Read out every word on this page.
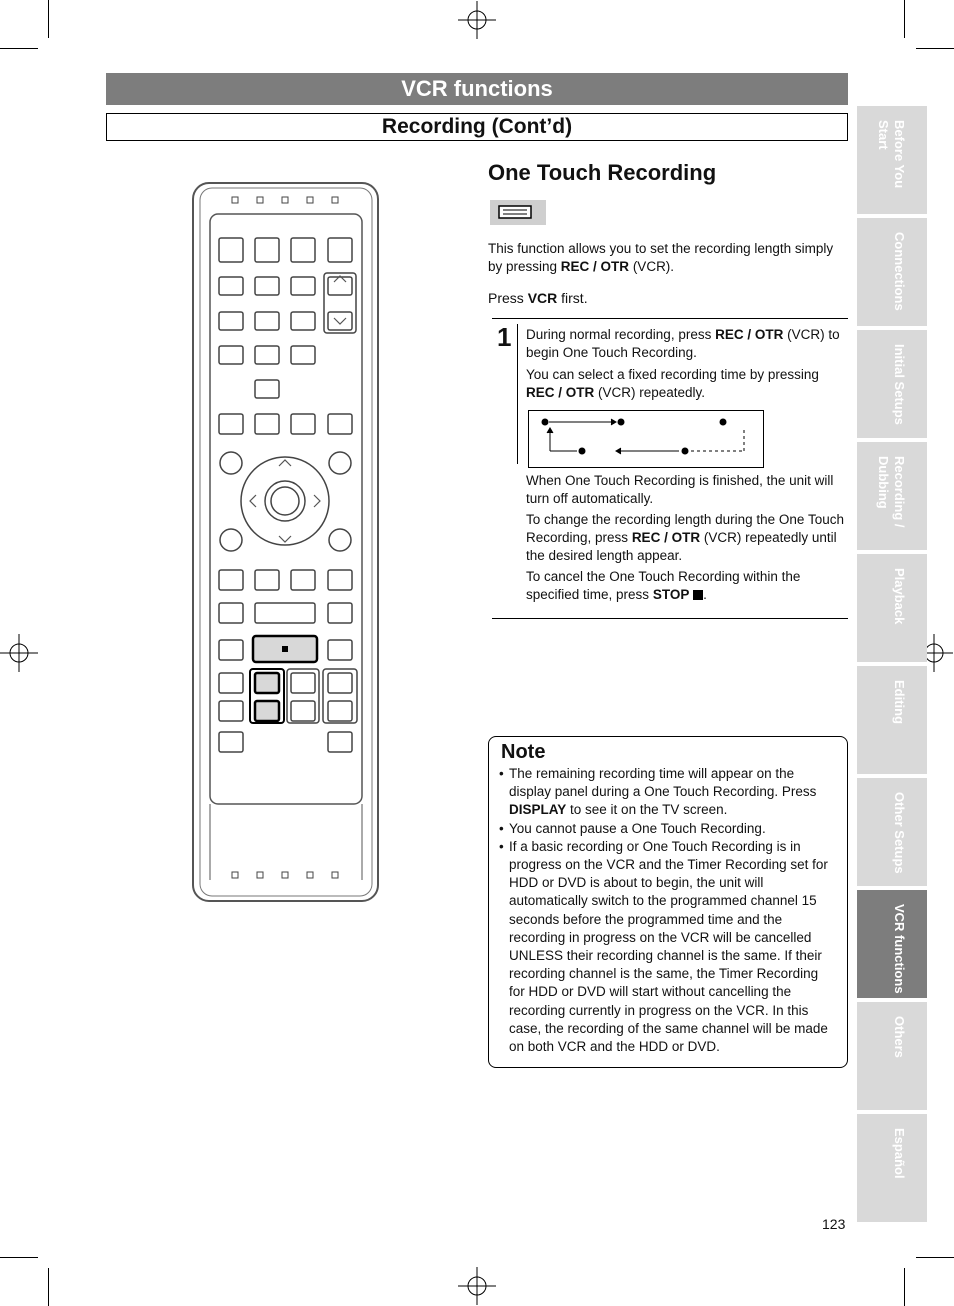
VCR functions
Recording (Cont’d)	Before You
Start
Connections
Initial Setups
Recording /
Dubbing
Playback
Editing
Other Setups
VCR functions
Others
Español
One Touch Recording
This function allows you to set the recording length simply by pressing REC / OTR (VCR).
Press VCR first.
1 During normal recording, press REC / OTR (VCR) to begin One Touch Recording.
You can select a fixed recording time by pressing REC / OTR (VCR) repeatedly.
When One Touch Recording is finished, the unit will turn off automatically.
To change the recording length during the One Touch Recording, press REC / OTR (VCR) repeatedly until the desired length appear.
To cancel the One Touch Recording within the specified time, press STOP .
Note
• The remaining recording time will appear on the display panel during a One Touch Recording. Press DISPLAY to see it on the TV screen.
• You cannot pause a One Touch Recording.
• If a basic recording or One Touch Recording is in progress on the VCR and the Timer Recording set for HDD or DVD is about to begin, the unit will automatically switch to the programmed channel 15 seconds before the programmed time and the recording in progress on the VCR will be cancelled UNLESS their recording channel is the same. If their recording channel is the same, the Timer Recording for HDD or DVD will start without cancelling the recording currently in progress on the VCR. In this case, the recording of the same channel will be made on both VCR and the HDD or DVD.
123
